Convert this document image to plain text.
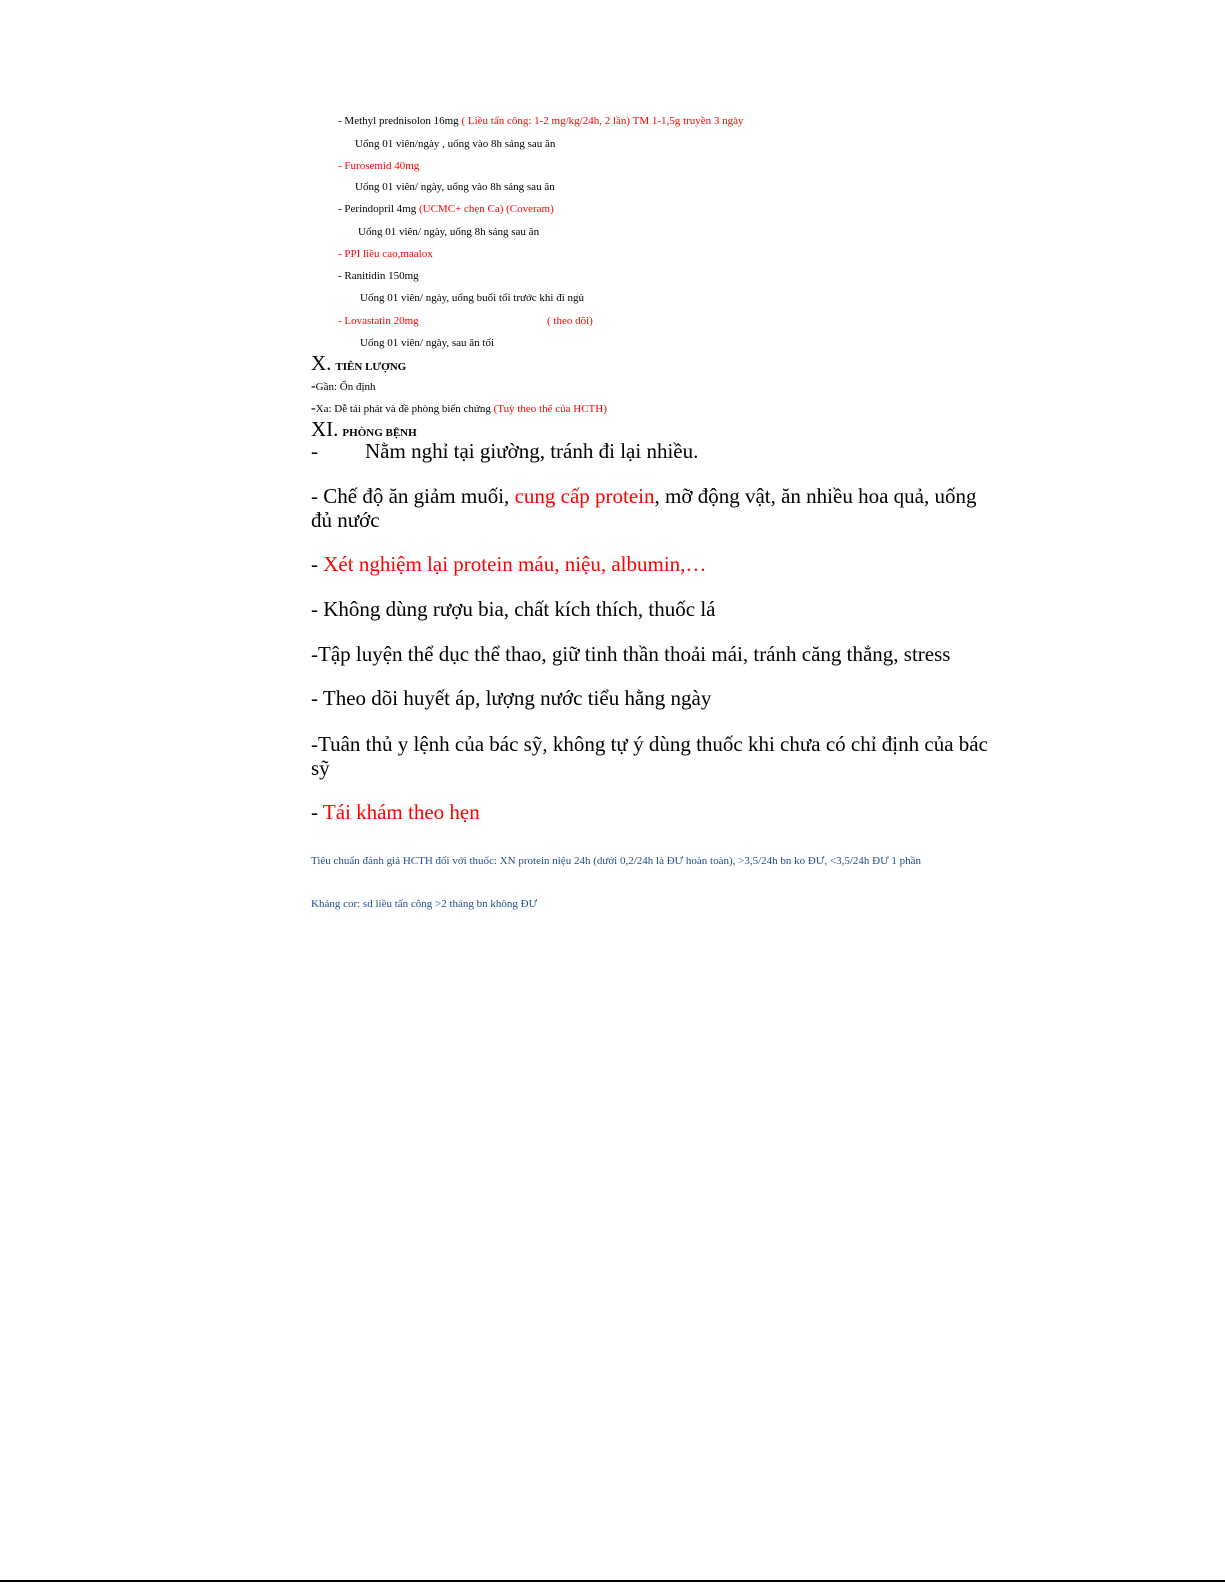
- Methyl prednisolon 16mg ( Liều tấn công: 1-2 mg/kg/24h, 2 lần) TM 1-1,5g truyền 3 ngày
Uống 01 viên/ngày , uống vào 8h sáng sau ăn
- Furosemid 40mg
Uống 01 viên/ ngày, uống vào 8h sáng sau ăn
- Perindopril 4mg (UCMC+ chẹn Ca) (Coveram)
Uống 01 viên/ ngày, uống 8h sáng sau ăn
- PPI liều cao,maalox
- Ranitidin 150mg
Uống 01 viên/ ngày, uống buổi tối trước khi đi ngủ
- Lovastatin 20mg	( theo dõi)
Uống 01 viên/ ngày, sau ăn tối
X. TIÊN LƯỢNG
-Gần: Ổn định
-Xa: Dễ tái phát và đề phòng biến chứng (Tuỳ theo thể của HCTH)
XI. PHÒNG BỆNH
- Nằm nghỉ tại giường, tránh đi lại nhiều.
- Chế độ ăn giảm muối, cung cấp protein, mỡ động vật, ăn nhiều hoa quả, uống
đủ nước
- Xét nghiệm lại protein máu, niệu, albumin,…
- Không dùng rượu bia, chất kích thích, thuốc lá
-Tập luyện thể dục thể thao, giữ tinh thần thoải mái, tránh căng thẳng, stress
- Theo dõi huyết áp, lượng nước tiểu hằng ngày
-Tuân thủ y lệnh của bác sỹ, không tự ý dùng thuốc khi chưa có chỉ định của bác
sỹ
- Tái khám theo hẹn
Tiêu chuẩn đánh giá HCTH đối với thuốc: XN protein niệu 24h (dưới 0,2/24h là ĐƯ hoàn toàn), >3,5/24h bn ko ĐƯ, <3,5/24h ĐƯ 1 phần
Kháng cor: sd liều tấn công >2 tháng bn không ĐƯ
